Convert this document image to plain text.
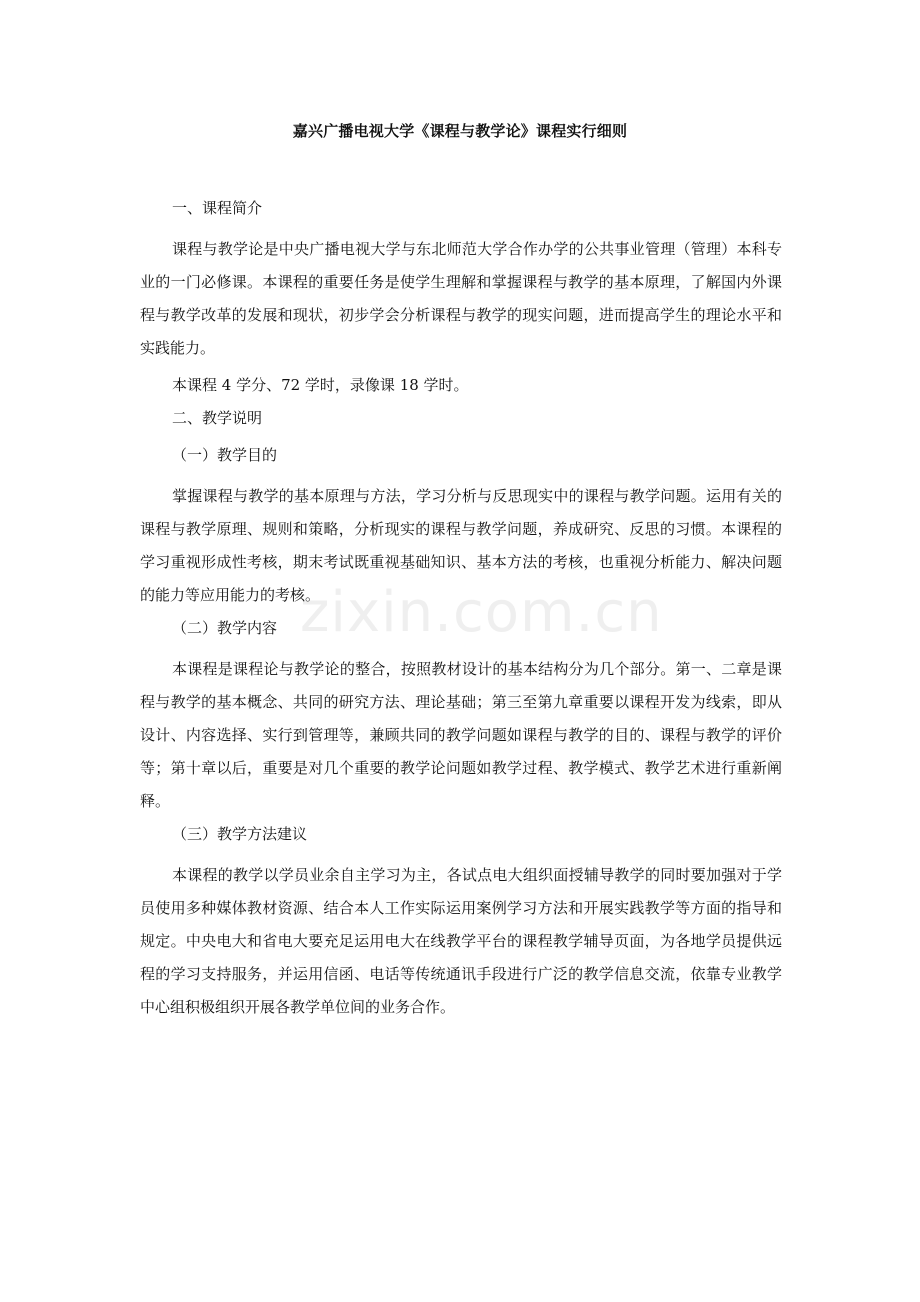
嘉兴广播电视大学《课程与教学论》课程实行细则
一、课程简介
课程与教学论是中央广播电视大学与东北师范大学合作办学的公共事业管理（管理）本科专业的一门必修课。本课程的重要任务是使学生理解和掌握课程与教学的基本原理，了解国内外课程与教学改革的发展和现状，初步学会分析课程与教学的现实问题，进而提高学生的理论水平和实践能力。
本课程 4 学分、72 学时，录像课 18 学时。
二、教学说明
（一）教学目的
掌握课程与教学的基本原理与方法，学习分析与反思现实中的课程与教学问题。运用有关的课程与教学原理、规则和策略，分析现实的课程与教学问题，养成研究、反思的习惯。本课程的学习重视形成性考核，期末考试既重视基础知识、基本方法的考核，也重视分析能力、解决问题的能力等应用能力的考核。
（二）教学内容
本课程是课程论与教学论的整合，按照教材设计的基本结构分为几个部分。第一、二章是课程与教学的基本概念、共同的研究方法、理论基础；第三至第九章重要以课程开发为线索，即从设计、内容选择、实行到管理等，兼顾共同的教学问题如课程与教学的目的、课程与教学的评价等；第十章以后，重要是对几个重要的教学论问题如教学过程、教学模式、教学艺术进行重新阐释。
（三）教学方法建议
本课程的教学以学员业余自主学习为主，各试点电大组织面授辅导教学的同时要加强对于学员使用多种媒体教材资源、结合本人工作实际运用案例学习方法和开展实践教学等方面的指导和规定。中央电大和省电大要充足运用电大在线教学平台的课程教学辅导页面，为各地学员提供远程的学习支持服务，并运用信函、电话等传统通讯手段进行广泛的教学信息交流，依靠专业教学中心组积极组织开展各教学单位间的业务合作。
zixin.com.cn
